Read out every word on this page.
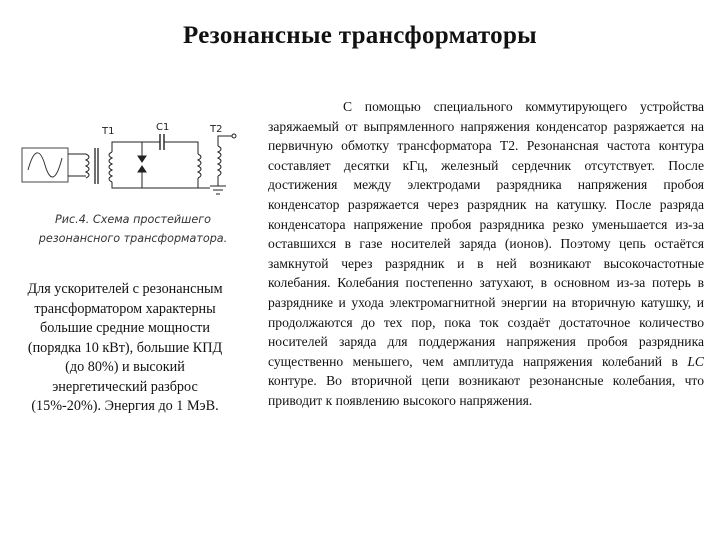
Резонансные трансформаторы
T1	C1	T2
Рис.4. Схема простейшего резонансного трансформатора.
Для ускорителей с резонансным трансформатором характерны большие средние мощности (порядка 10 кВт), большие КПД (до 80%) и высокий энергетический разброс (15%-20%). Энергия до 1 МэВ.
С помощью специального коммутирующего устройства заряжаемый от выпрямленного напряжения конденсатор разряжается на первичную обмотку трансформатора Т2. Резонансная частота контура составляет десятки кГц, железный сердечник отсутствует. После достижения между электродами разрядника напряжения пробоя конденсатор разряжается через разрядник на катушку. После разряда конденсатора напряжение пробоя разрядника резко уменьшается из-за оставшихся в газе носителей заряда (ионов). Поэтому цепь остаётся замкнутой через разрядник и в ней возникают высокочастотные колебания. Колебания постепенно затухают, в основном из-за потерь в разряднике и ухода электромагнитной энергии на вторичную катушку, и продолжаются до тех пор, пока ток создаёт достаточное количество носителей заряда для поддержания напряжения пробоя разрядника существенно меньшего, чем амплитуда напряжения колебаний в LC контуре. Во вторичной цепи возникают резонансные колебания, что приводит к появлению высокого напряжения.
